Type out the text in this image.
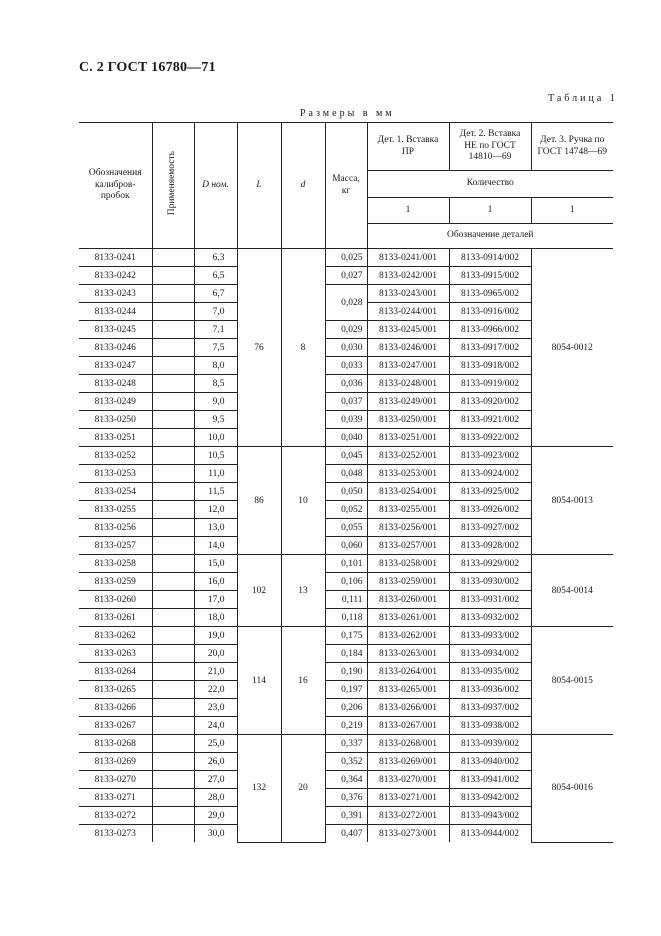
С. 2 ГОСТ 16780—71
Таблица 1
Размеры в мм
Обозначения калибров-пробок	Применяемость	D ном.	L	d	Масса, кг	Дет. 1. Вставка ПР	Дет. 2. Вставка НЕ по ГОСТ 14810—69	Дет. 3. Ручка по ГОСТ 14748—69
						Количество		
						1	1	1
						Обозначение деталей		
8133-0241		6,3	76	8	0,025	8133-0241/001	8133-0914/002	8054-0012
8133-0242		6,5			0,027	8133-0242/001	8133-0915/002	
8133-0243		6,7			0,028	8133-0243/001	8133-0965/002	
8133-0244		7,0				8133-0244/001	8133-0916/002	
8133-0245		7,1			0,029	8133-0245/001	8133-0966/002	
8133-0246		7,5			0,030	8133-0246/001	8133-0917/002	
8133-0247		8,0			0,033	8133-0247/001	8133-0918/002	
8133-0248		8,5			0,036	8133-0248/001	8133-0919/002	
8133-0249		9,0			0,037	8133-0249/001	8133-0920/002	
8133-0250		9,5			0,039	8133-0250/001	8133-0921/002	
8133-0251		10,0			0,040	8133-0251/001	8133-0922/002	
8133-0252		10,5	86	10	0,045	8133-0252/001	8133-0923/002	8054-0013
8133-0253		11,0			0,048	8133-0253/001	8133-0924/002	
8133-0254		11,5			0,050	8133-0254/001	8133-0925/002	
8133-0255		12,0			0,052	8133-0255/001	8133-0926/002	
8133-0256		13,0			0,055	8133-0256/001	8133-0927/002	
8133-0257		14,0			0,060	8133-0257/001	8133-0928/002	
8133-0258		15,0	102	13	0,101	8133-0258/001	8133-0929/002	8054-0014
8133-0259		16,0			0,106	8133-0259/001	8133-0930/002	
8133-0260		17,0			0,111	8133-0260/001	8133-0931/002	
8133-0261		18,0			0,118	8133-0261/001	8133-0932/002	
8133-0262		19,0	114	16	0,175	8133-0262/001	8133-0933/002	8054-0015
8133-0263		20,0			0,184	8133-0263/001	8133-0934/002	
8133-0264		21,0			0,190	8133-0264/001	8133-0935/002	
8133-0265		22,0			0,197	8133-0265/001	8133-0936/002	
8133-0266		23,0			0,206	8133-0266/001	8133-0937/002	
8133-0267		24,0			0,219	8133-0267/001	8133-0938/002	
8133-0268		25,0	132	20	0,337	8133-0268/001	8133-0939/002	8054-0016
8133-0269		26,0			0,352	8133-0269/001	8133-0940/002	
8133-0270		27,0			0,364	8133-0270/001	8133-0941/002	
8133-0271		28,0			0,376	8133-0271/001	8133-0942/002	
8133-0272		29,0			0,391	8133-0272/001	8133-0943/002	
8133-0273		30,0			0,407	8133-0273/001	8133-0944/002	
